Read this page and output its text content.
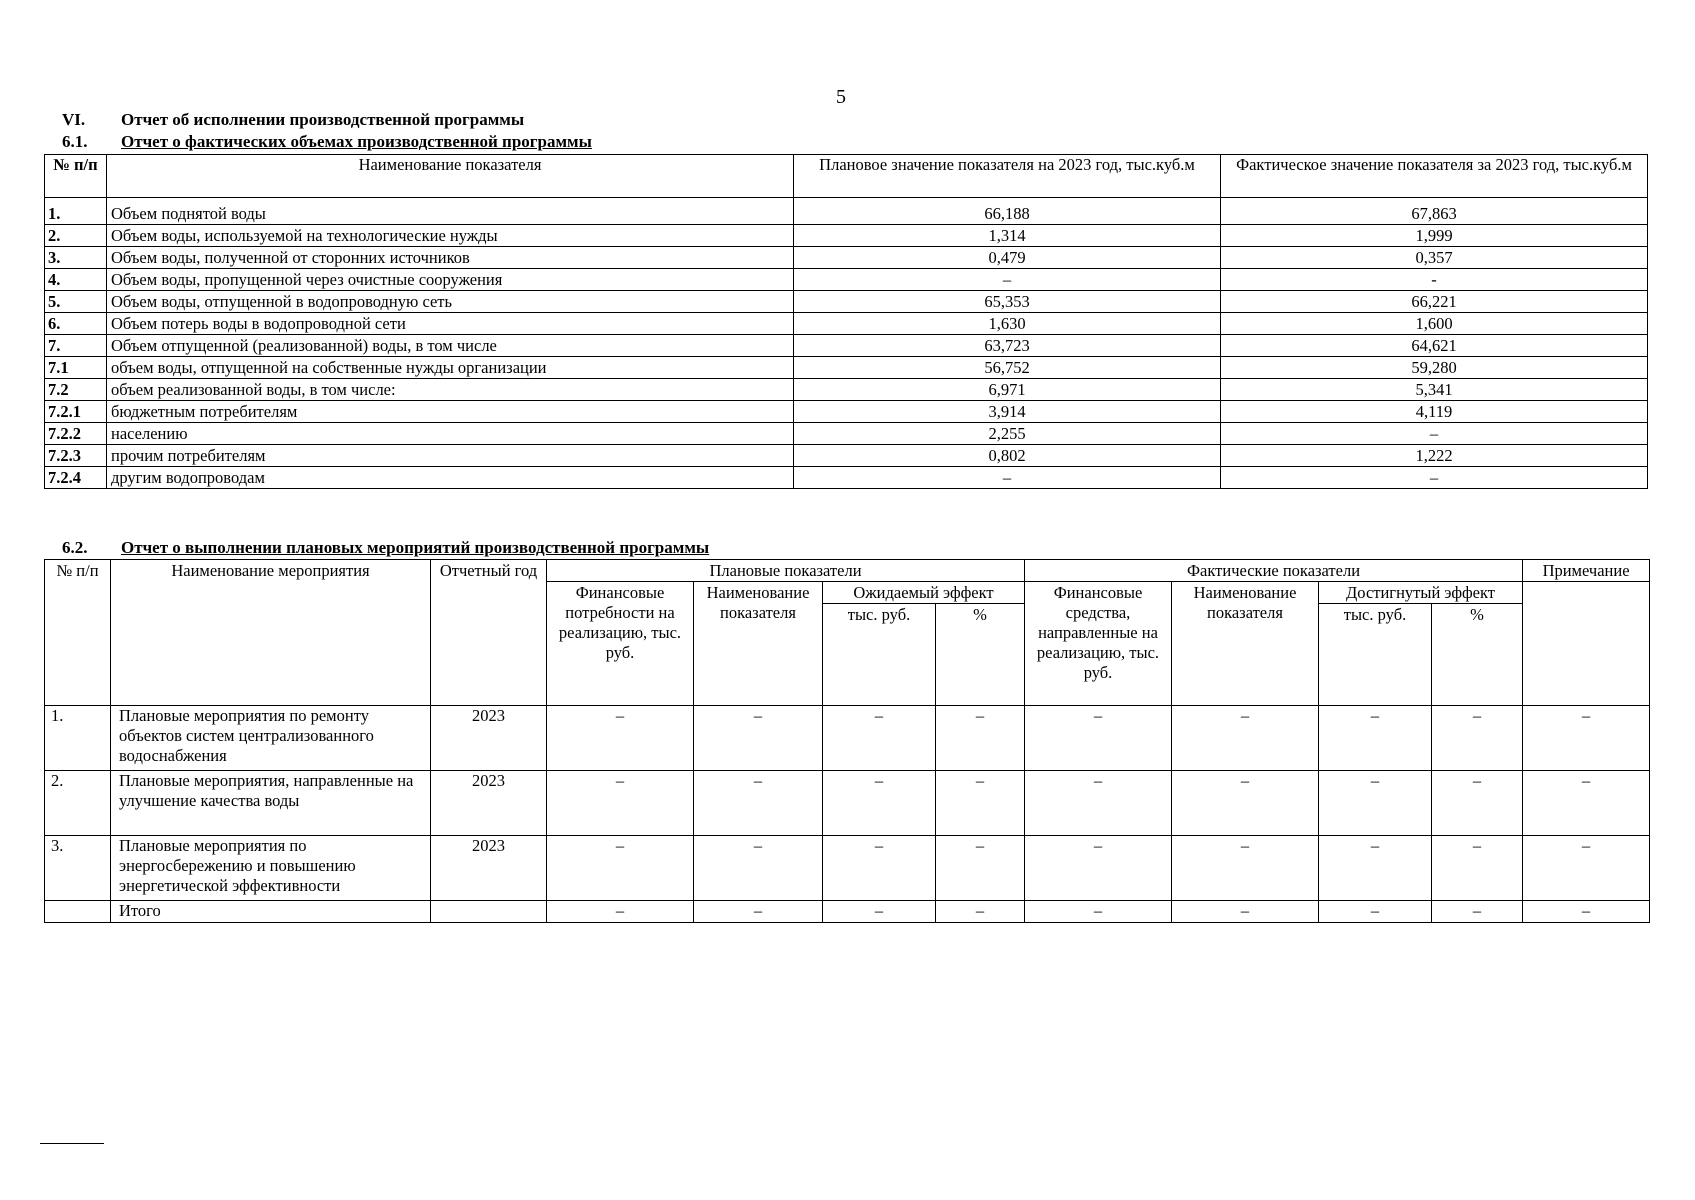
5
VI. Отчет об исполнении производственной программы
6.1. Отчет о фактических объемах производственной программы
№ п/п	Наименование показателя	Плановое значение показателя на 2023 год, тыс.куб.м	Фактическое значение показателя за 2023 год, тыс.куб.м
1.	Объем поднятой воды	66,188	67,863
2.	Объем воды, используемой на технологические нужды	1,314	1,999
3.	Объем воды, полученной от сторонних источников	0,479	0,357
4.	Объем воды, пропущенной через очистные сооружения	–	-
5.	Объем воды, отпущенной в водопроводную сеть	65,353	66,221
6.	Объем потерь воды в водопроводной сети	1,630	1,600
7.	Объем отпущенной (реализованной) воды, в том числе	63,723	64,621
7.1	объем воды, отпущенной на собственные нужды организации	56,752	59,280
7.2	объем реализованной воды, в том числе:	6,971	5,341
7.2.1	бюджетным потребителям	3,914	4,119
7.2.2	населению	2,255	–
7.2.3	прочим потребителям	0,802	1,222
7.2.4	другим водопроводам	–	–
6.2. Отчет о выполнении плановых мероприятий производственной программы
№ п/п	Наименование мероприятия	Отчетный год	Плановые показатели				Фактические показатели				Примечание
			Финансовые потребности на реализацию, тыс. руб.	Наименование показателя	Ожидаемый эффект		Финансовые средства, направленные на реализацию, тыс. руб.	Наименование показателя	Достигнутый эффект		
					тыс. руб.	%			тыс. руб.	%	
1.	Плановые мероприятия по ремонту объектов систем централизованного водоснабжения	2023	–	–	–	–	–	–	–	–	–
2.	Плановые мероприятия, направленные на улучшение качества воды	2023	–	–	–	–	–	–	–	–	–
3.	Плановые мероприятия по энергосбережению и повышению энергетической эффективности	2023	–	–	–	–	–	–	–	–	–
	Итого		–	–	–	–	–	–	–	–	–
